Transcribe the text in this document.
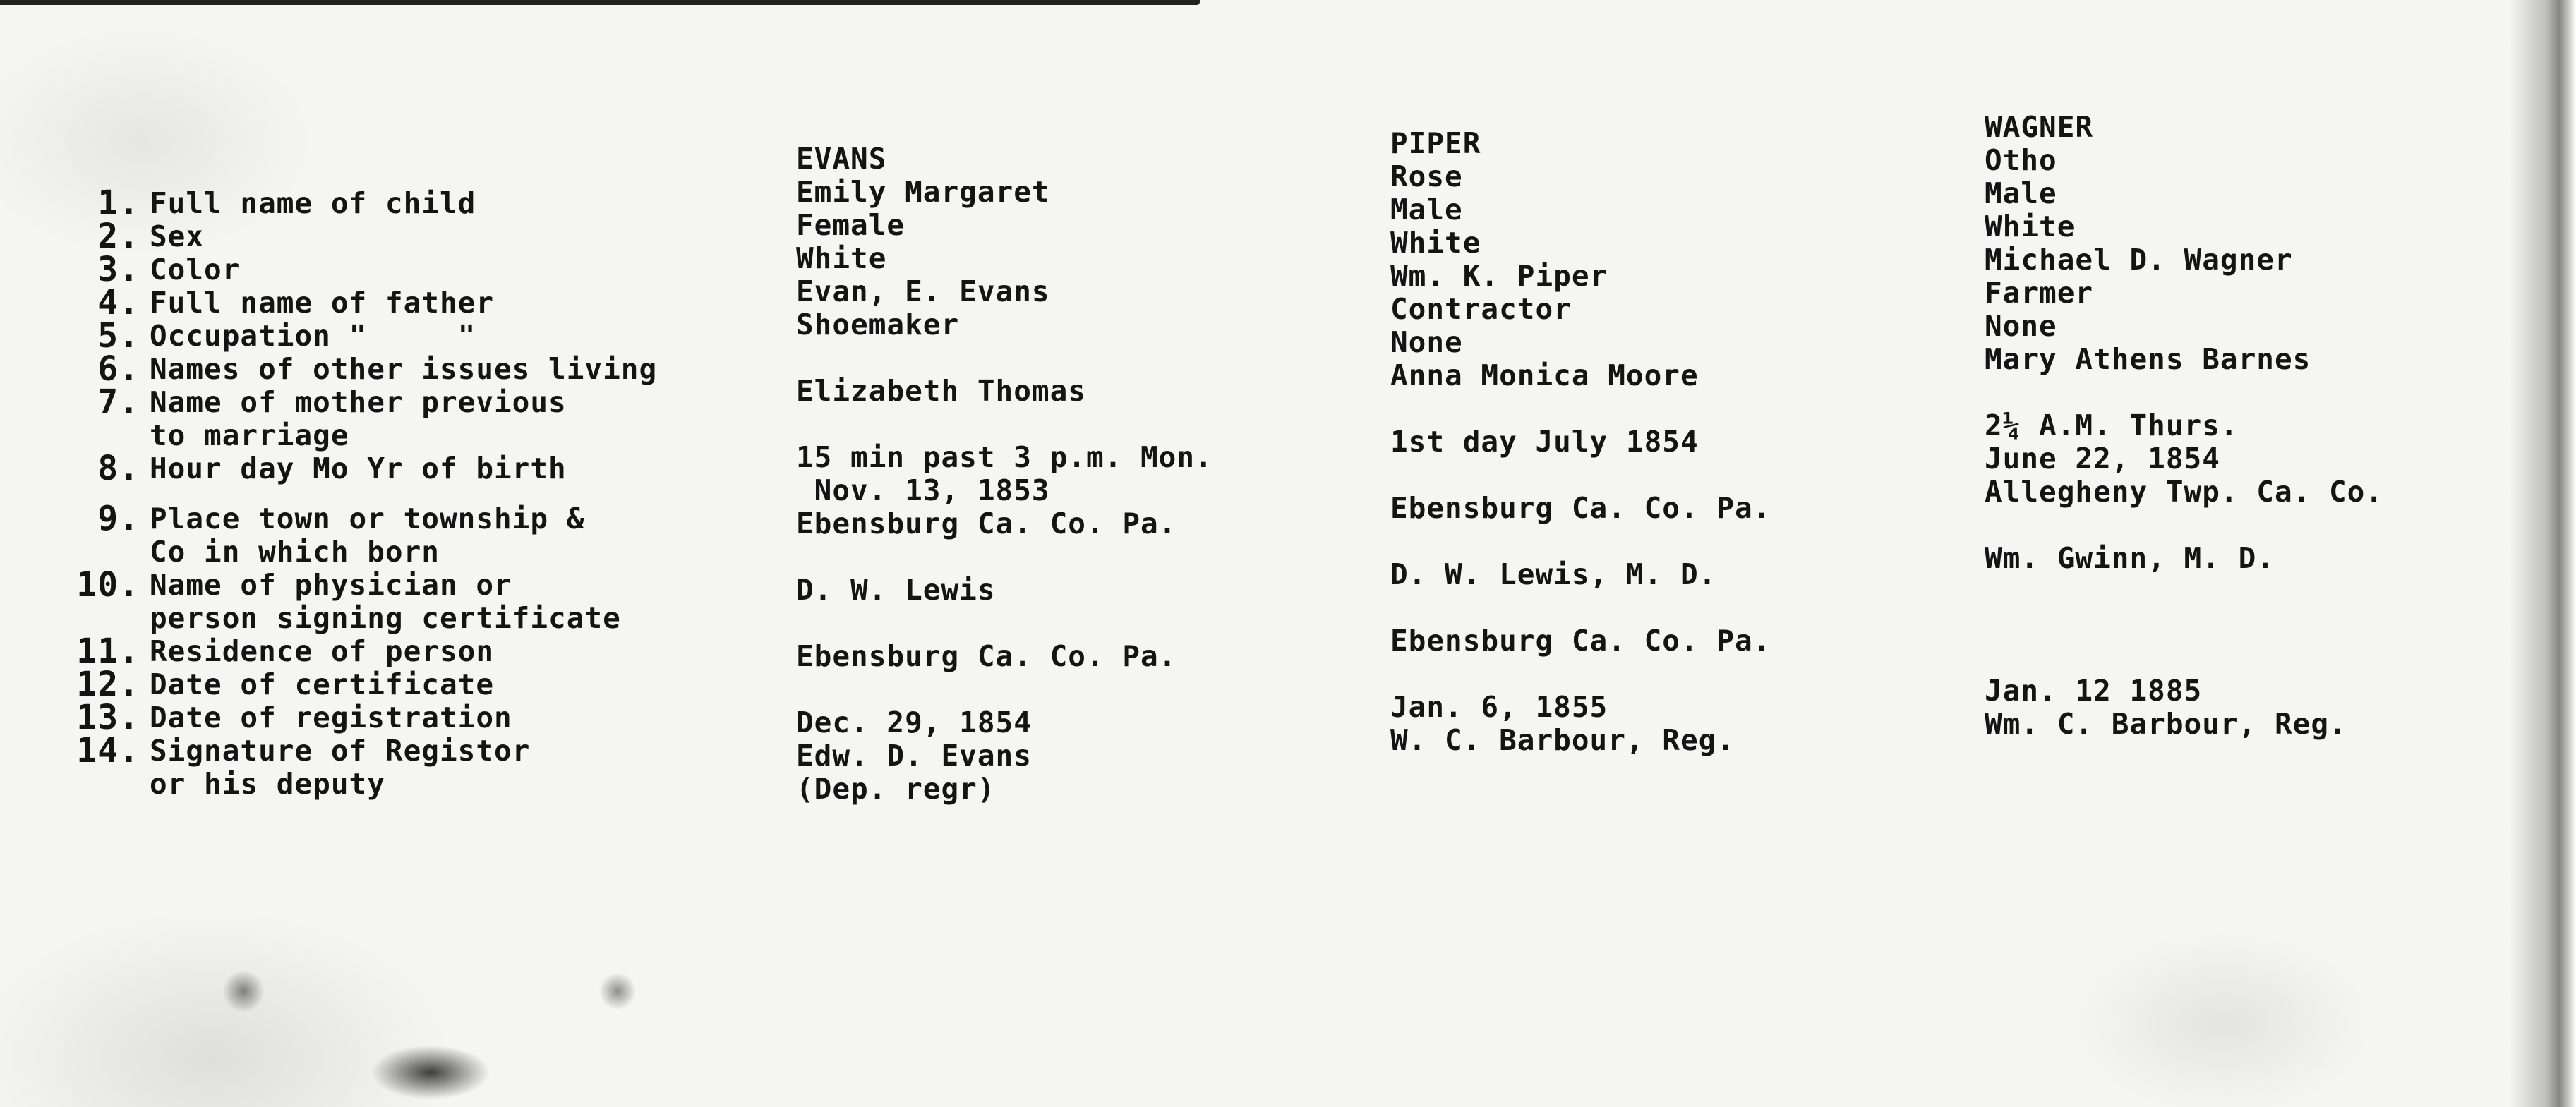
1. Full name of child
2. Sex
3. Color
4. Full name of father
5. Occupation "     "
6. Names of other issues living
7. Name of mother previous
to marriage
8. Hour day Mo Yr of birth
9. Place town or township &
Co in which born
10. Name of physician or
person signing certificate
11. Residence of person
12. Date of certificate
13. Date of registration
14. Signature of Registor
or his deputy
EVANS
Emily Margaret
Female
White
Evan, E. Evans
Shoemaker
Elizabeth Thomas
15 min past 3 p.m. Mon.
Nov. 13, 1853
Ebensburg Ca. Co. Pa.
D. W. Lewis
Ebensburg Ca. Co. Pa.
Dec. 29, 1854
Edw. D. Evans
(Dep. regr)
PIPER
Rose
Male
White
Wm. K. Piper
Contractor
None
Anna Monica Moore
1st day July 1854
Ebensburg Ca. Co. Pa.
D. W. Lewis, M. D.
Ebensburg Ca. Co. Pa.
Jan. 6, 1855
W. C. Barbour, Reg.
WAGNER
Otho
Male
White
Michael D. Wagner
Farmer
None
Mary Athens Barnes
2¼ A.M. Thurs.
June 22, 1854
Allegheny Twp. Ca. Co.
Wm. Gwinn, M. D.
Jan. 12 1885
Wm. C. Barbour, Reg.
